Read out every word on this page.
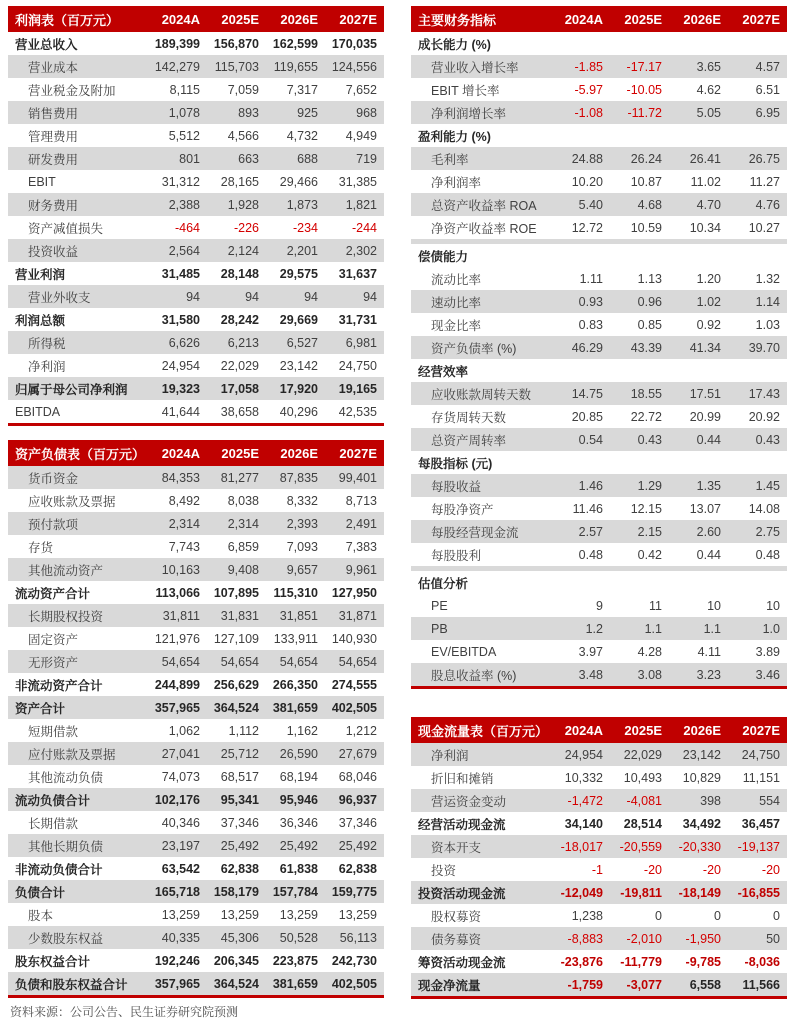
利润表（百万元）	2024A	2025E	2026E	2027E
营业总收入	189,399	156,870	162,599	170,035
营业成本	142,279	115,703	119,655	124,556
营业税金及附加	8,115	7,059	7,317	7,652
销售费用	1,078	893	925	968
管理费用	5,512	4,566	4,732	4,949
研发费用	801	663	688	719
EBIT	31,312	28,165	29,466	31,385
财务费用	2,388	1,928	1,873	1,821
资产减值损失	-464	-226	-234	-244
投资收益	2,564	2,124	2,201	2,302
营业利润	31,485	28,148	29,575	31,637
营业外收支	94	94	94	94
利润总额	31,580	28,242	29,669	31,731
所得税	6,626	6,213	6,527	6,981
净利润	24,954	22,029	23,142	24,750
归属于母公司净利润	19,323	17,058	17,920	19,165
EBITDA	41,644	38,658	40,296	42,535
资产负债表（百万元）	2024A	2025E	2026E	2027E
货币资金	84,353	81,277	87,835	99,401
应收账款及票据	8,492	8,038	8,332	8,713
预付款项	2,314	2,314	2,393	2,491
存货	7,743	6,859	7,093	7,383
其他流动资产	10,163	9,408	9,657	9,961
流动资产合计	113,066	107,895	115,310	127,950
长期股权投资	31,811	31,831	31,851	31,871
固定资产	121,976	127,109	133,911	140,930
无形资产	54,654	54,654	54,654	54,654
非流动资产合计	244,899	256,629	266,350	274,555
资产合计	357,965	364,524	381,659	402,505
短期借款	1,062	1,112	1,162	1,212
应付账款及票据	27,041	25,712	26,590	27,679
其他流动负债	74,073	68,517	68,194	68,046
流动负债合计	102,176	95,341	95,946	96,937
长期借款	40,346	37,346	36,346	37,346
其他长期负债	23,197	25,492	25,492	25,492
非流动负债合计	63,542	62,838	61,838	62,838
负债合计	165,718	158,179	157,784	159,775
股本	13,259	13,259	13,259	13,259
少数股东权益	40,335	45,306	50,528	56,113
股东权益合计	192,246	206,345	223,875	242,730
负债和股东权益合计	357,965	364,524	381,659	402,505
资料来源：公司公告、民生证券研究院预测
主要财务指标	2024A	2025E	2026E	2027E
成长能力 (%)				
营业收入增长率	-1.85	-17.17	3.65	4.57
EBIT 增长率	-5.97	-10.05	4.62	6.51
净利润增长率	-1.08	-11.72	5.05	6.95
盈利能力 (%)				
毛利率	24.88	26.24	26.41	26.75
净利润率	10.20	10.87	11.02	11.27
总资产收益率 ROA	5.40	4.68	4.70	4.76
净资产收益率 ROE	12.72	10.59	10.34	10.27

偿债能力				
流动比率	1.11	1.13	1.20	1.32
速动比率	0.93	0.96	1.02	1.14
现金比率	0.83	0.85	0.92	1.03
资产负债率 (%)	46.29	43.39	41.34	39.70
经营效率				
应收账款周转天数	14.75	18.55	17.51	17.43
存货周转天数	20.85	22.72	20.99	20.92
总资产周转率	0.54	0.43	0.44	0.43
每股指标 (元)				
每股收益	1.46	1.29	1.35	1.45
每股净资产	11.46	12.15	13.07	14.08
每股经营现金流	2.57	2.15	2.60	2.75
每股股利	0.48	0.42	0.44	0.48

估值分析				
PE	9	11	10	10
PB	1.2	1.1	1.1	1.0
EV/EBITDA	3.97	4.28	4.11	3.89
股息收益率 (%)	3.48	3.08	3.23	3.46
现金流量表（百万元）	2024A	2025E	2026E	2027E
净利润	24,954	22,029	23,142	24,750
折旧和摊销	10,332	10,493	10,829	11,151
营运资金变动	-1,472	-4,081	398	554
经营活动现金流	34,140	28,514	34,492	36,457
资本开支	-18,017	-20,559	-20,330	-19,137
投资	-1	-20	-20	-20
投资活动现金流	-12,049	-19,811	-18,149	-16,855
股权募资	1,238	0	0	0
债务募资	-8,883	-2,010	-1,950	50
筹资活动现金流	-23,876	-11,779	-9,785	-8,036
现金净流量	-1,759	-3,077	6,558	11,566
